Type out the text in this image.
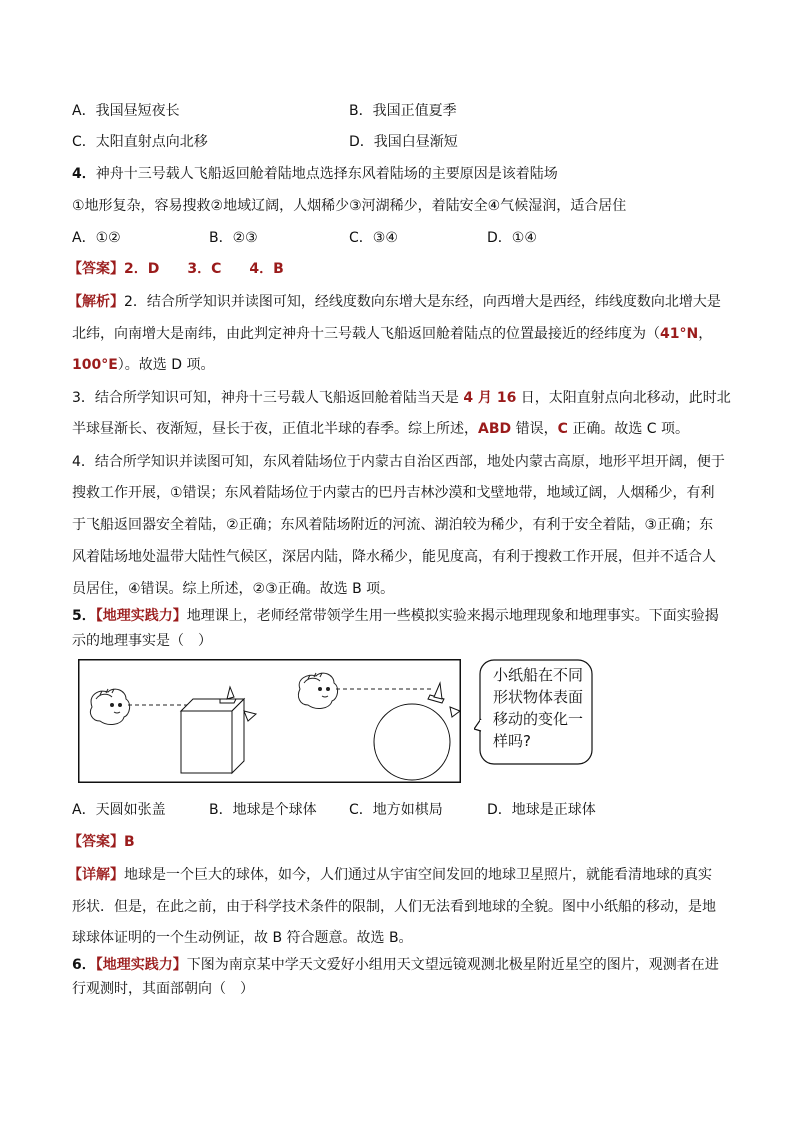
A．我国昼短夜长	B．我国正值夏季
C．太阳直射点向北移	D．我国白昼渐短
4．神舟十三号载人飞船返回舱着陆地点选择东风着陆场的主要原因是该着陆场
①地形复杂，容易搜救②地域辽阔，人烟稀少③河湖稀少，着陆安全④气候湿润，适合居住
A．①②	B．②③	C．③④	D．①④
【答案】2．D　　3．C　　4．B
【解析】2．结合所学知识并读图可知，经线度数向东增大是东经，向西增大是西经，纬线度数向北增大是
北纬，向南增大是南纬，由此判定神舟十三号载人飞船返回舱着陆点的位置最接近的经纬度为（41°N，
100°E）。故选 D 项。
3．结合所学知识可知，神舟十三号载人飞船返回舱着陆当天是 4 月 16 日，太阳直射点向北移动，此时北
半球昼渐长、夜渐短，昼长于夜，正值北半球的春季。综上所述，ABD 错误，C 正确。故选 C 项。
4．结合所学知识并读图可知，东风着陆场位于内蒙古自治区西部，地处内蒙古高原，地形平坦开阔，便于
搜救工作开展，①错误；东风着陆场位于内蒙古的巴丹吉林沙漠和戈壁地带，地域辽阔，人烟稀少，有利
于飞船返回器安全着陆，②正确；东风着陆场附近的河流、湖泊较为稀少，有利于安全着陆，③正确；东
风着陆场地处温带大陆性气候区，深居内陆，降水稀少，能见度高，有利于搜救工作开展，但并不适合人
员居住，④错误。综上所述，②③正确。故选 B 项。
5．【地理实践力】地理课上，老师经常带领学生用一些模拟实验来揭示地理现象和地理事实。下面实验揭
示的地理事实是（　）
小纸船在不同
形状物体表面
移动的变化一
样吗?
A．天圆如张盖	B．地球是个球体 C．地方如棋局	D．地球是正球体
【答案】B
【详解】地球是一个巨大的球体，如今，人们通过从宇宙空间发回的地球卫星照片，就能看清地球的真实
形状．但是，在此之前，由于科学技术条件的限制，人们无法看到地球的全貌。图中小纸船的移动，是地
球球体证明的一个生动例证，故 B 符合题意。故选 B。
6．【地理实践力】下图为南京某中学天文爱好小组用天文望远镜观测北极星附近星空的图片，观测者在进
行观测时，其面部朝向（　）
